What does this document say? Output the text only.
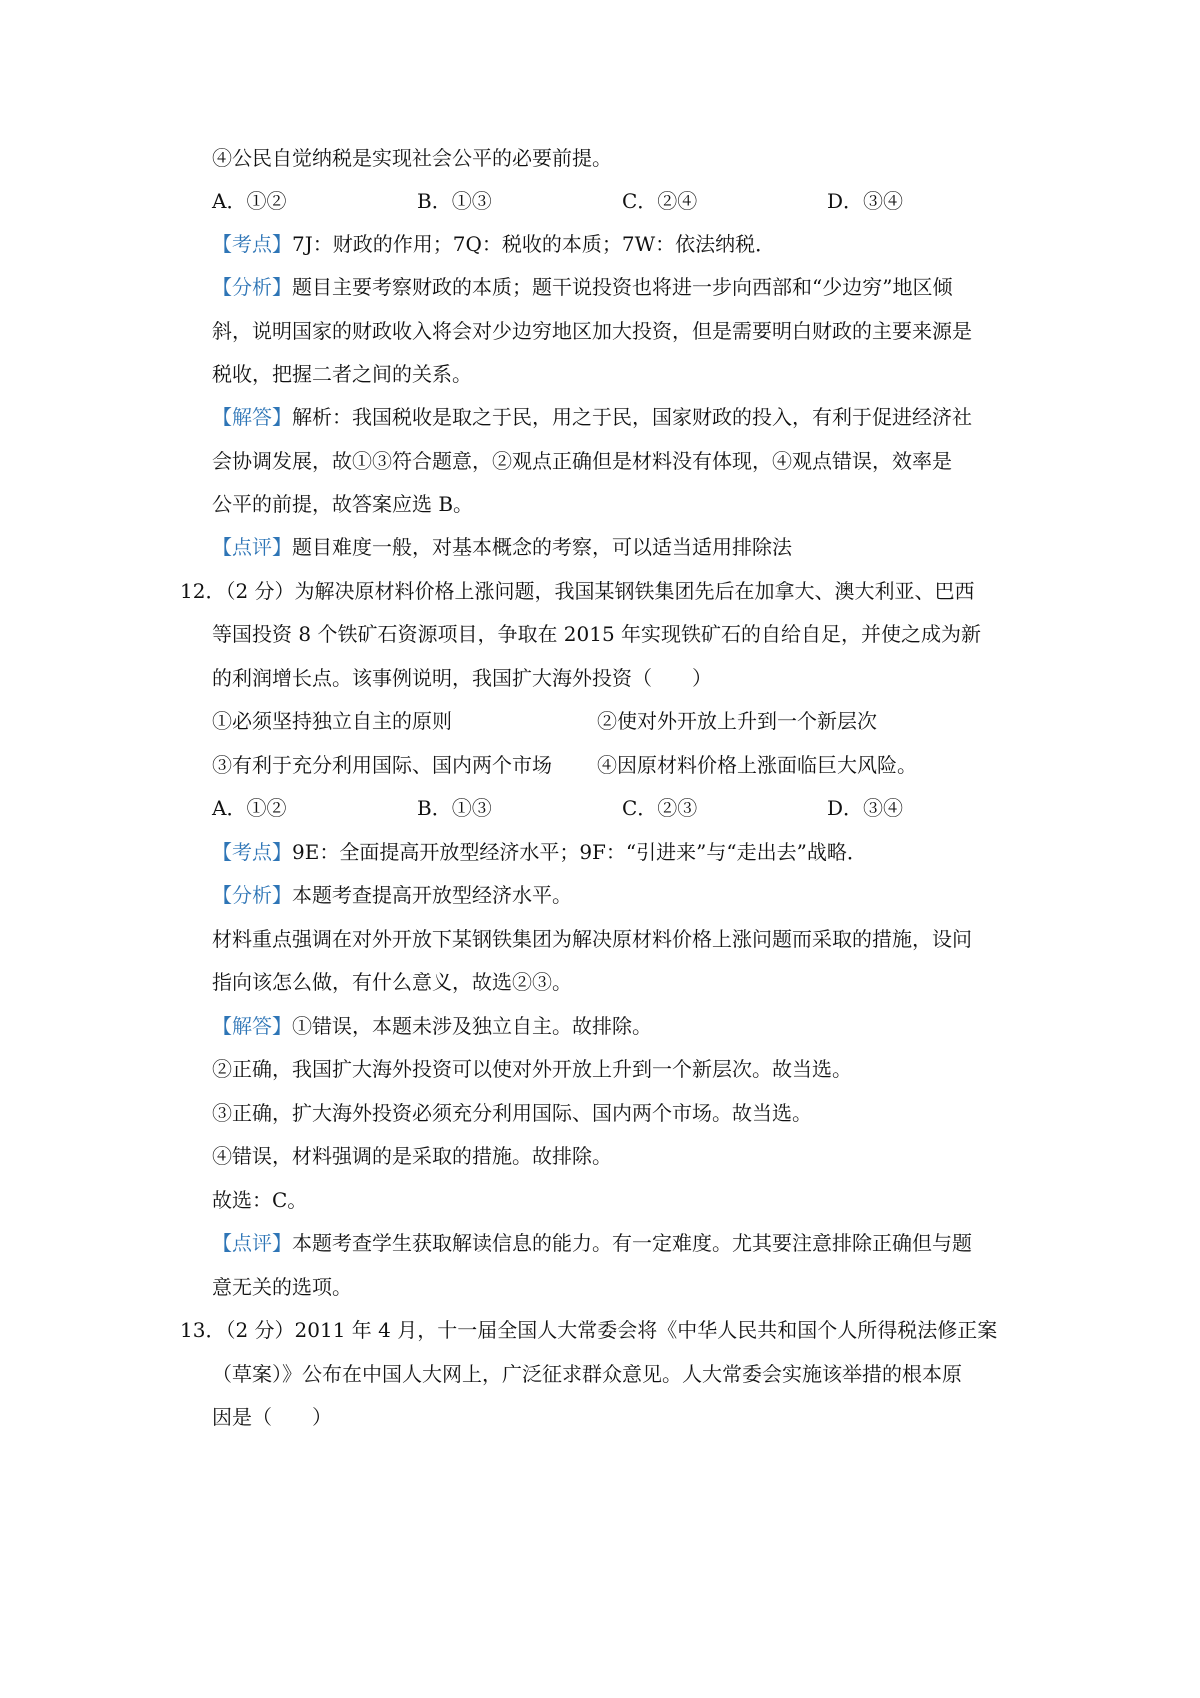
④公民自觉纳税是实现社会公平的必要前提。
A．①②	B．①③	C．②④	D．③④
【考点】7J：财政的作用；7Q：税收的本质；7W：依法纳税．
【分析】题目主要考察财政的本质；题干说投资也将进一步向西部和“少边穷”地区倾
斜，说明国家的财政收入将会对少边穷地区加大投资，但是需要明白财政的主要来源是
税收，把握二者之间的关系。
【解答】解析：我国税收是取之于民，用之于民，国家财政的投入，有利于促进经济社
会协调发展，故①③符合题意，②观点正确但是材料没有体现，④观点错误，效率是
公平的前提，故答案应选 B。
【点评】题目难度一般，对基本概念的考察，可以适当适用排除法
12．（2 分）为解决原材料价格上涨问题，我国某钢铁集团先后在加拿大、澳大利亚、巴西
等国投资 8 个铁矿石资源项目，争取在 2015 年实现铁矿石的自给自足，并使之成为新
的利润增长点。该事例说明，我国扩大海外投资（　　）
①必须坚持独立自主的原则	②使对外开放上升到一个新层次
③有利于充分利用国际、国内两个市场	④因原材料价格上涨面临巨大风险。
A．①②	B．①③	C．②③	D．③④
【考点】9E：全面提高开放型经济水平；9F：“引进来”与“走出去”战略．
【分析】本题考查提高开放型经济水平。
材料重点强调在对外开放下某钢铁集团为解决原材料价格上涨问题而采取的措施，设问
指向该怎么做，有什么意义，故选②③。
【解答】①错误，本题未涉及独立自主。故排除。
②正确，我国扩大海外投资可以使对外开放上升到一个新层次。故当选。
③正确，扩大海外投资必须充分利用国际、国内两个市场。故当选。
④错误，材料强调的是采取的措施。故排除。
故选：C。
【点评】本题考查学生获取解读信息的能力。有一定难度。尤其要注意排除正确但与题
意无关的选项。
13．（2 分）2011 年 4 月，十一届全国人大常委会将《中华人民共和国个人所得税法修正案
（草案）》公布在中国人大网上，广泛征求群众意见。人大常委会实施该举措的根本原
因是（　　）
